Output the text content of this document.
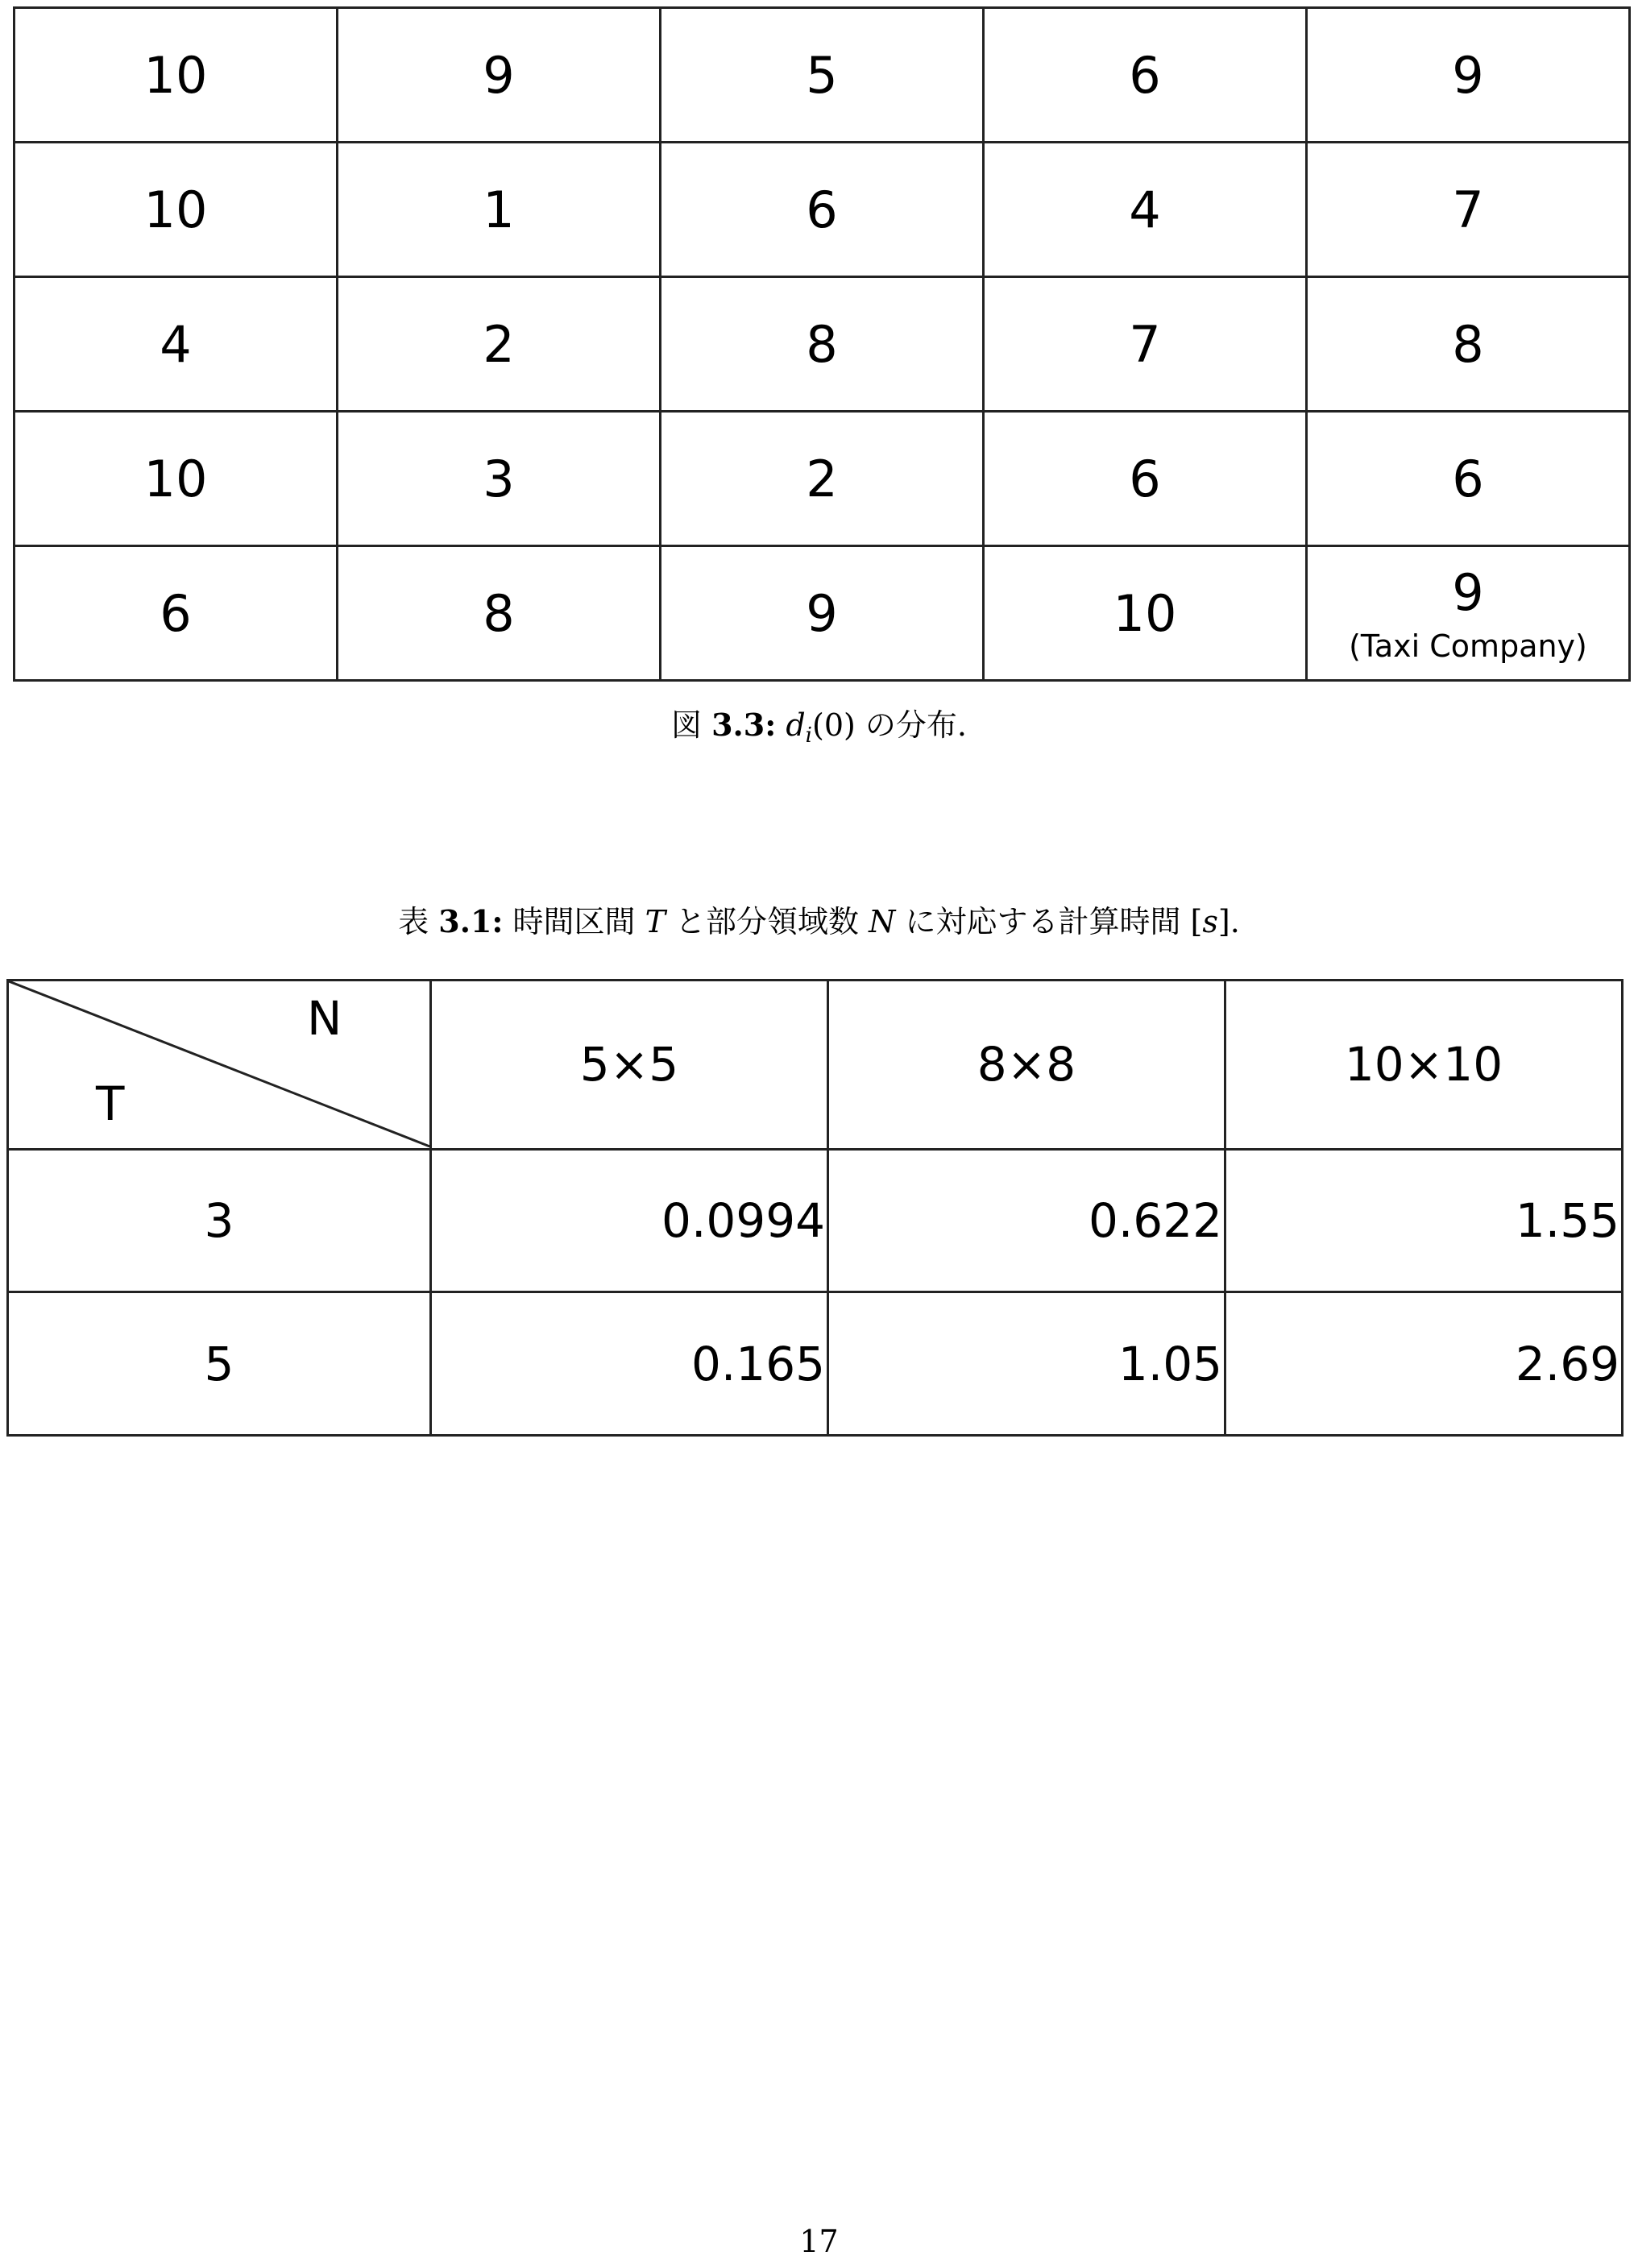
10	9	5	6	9
10	1	6	4	7
4	2	8	7	8
10	3	2	6	6
6	8	9	10	9
(Taxi Company)
図 3.3: $d_i(0)$ の分布.
表 3.1: 時間区間 T と部分領域数 N に対応する計算時間 [s].
N
T	5×5	8×8	10×10
3	0.0994	0.622	1.55
5	0.165	1.05	2.69
17
